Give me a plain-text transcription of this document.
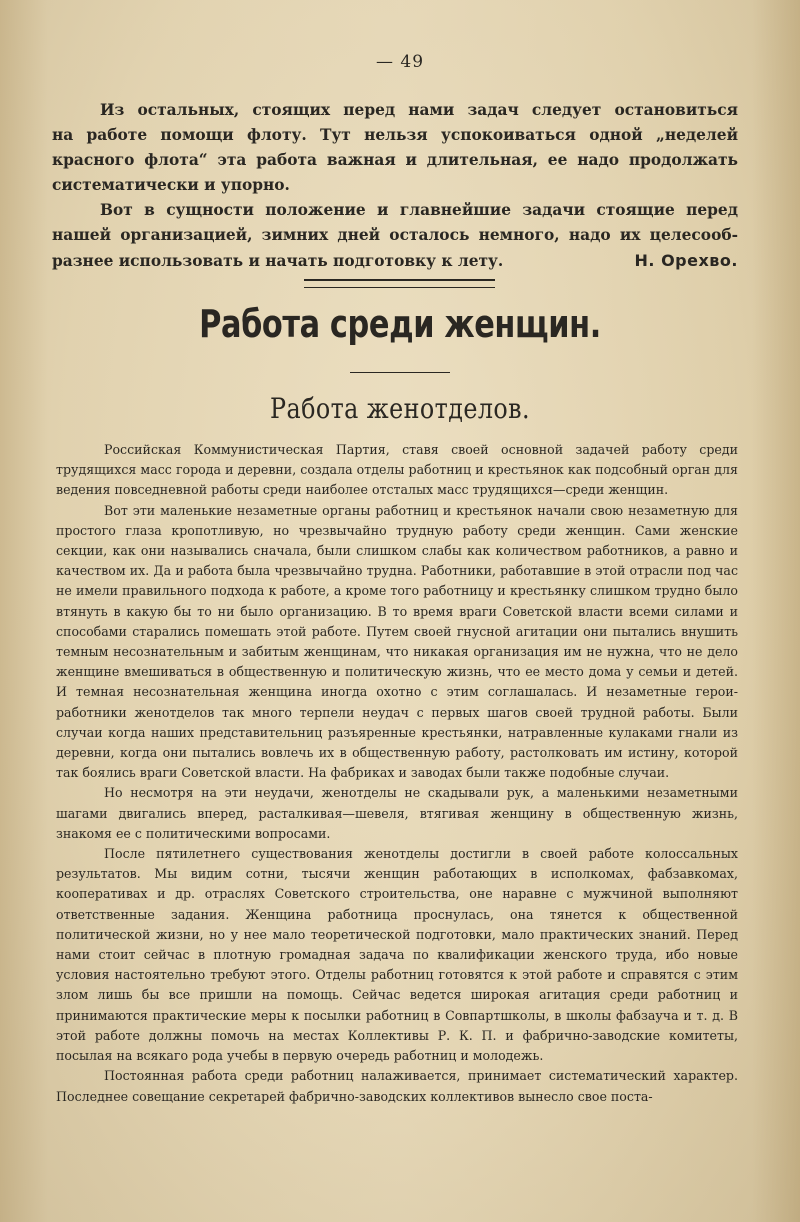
— 49

Из остальных, стоящих перед нами задач следует остановиться

на работе помощи флоту. Тут нельзя успокоиваться одной „неделей

красного флота“ эта работа важная и длительная, ее надо продолжать

систематически и упорно.

Вот в сущности положение и главнейшие задачи стоящие перед

нашей организацией, зимних дней осталось немного, надо их целесооб-

разнее использовать и начать подготовку к лету.	Н. Орехво.
Работа среди женщин.
Работа женотделов.

Российская Коммунистическая Партия, ставя своей основной задачей работу среди трудящихся масс города и деревни, создала отделы работниц и крестьянок как подсобный орган для ведения повседневной работы среди наиболее отсталых масс трудящихся—среди женщин.

Вот эти маленькие незаметные органы работниц и крестьянок начали свою незаметную для простого глаза кропотливую, но чрезвычайно трудную работу среди женщин. Сами женские секции, как они назывались сначала, были слишком слабы как количеством работников, а равно и качеством их. Да и работа была чрезвычайно трудна. Работники, работавшие в этой отрасли под час не имели правильного подхода к работе, а кроме того работницу и крестьянку слишком трудно было втянуть в какую бы то ни было организацию. В то время враги Советской власти всеми силами и способами старались помешать этой работе. Путем своей гнусной агитации они пытались внушить темным несознательным и забитым женщинам, что никакая организация им не нужна, что не дело женщине вмешиваться в общественную и политическую жизнь, что ее место дома у семьи и детей. И темная несознательная женщина иногда охотно с этим соглашалась. И незаметные герои-работники женотделов так много терпели неудач с первых шагов своей трудной работы. Были случаи когда наших представительниц разъяренные крестьянки, натравленные кулаками гнали из деревни, когда они пытались вовлечь их в общественную работу, растолковать им истину, которой так боялись враги Советской власти. На фабриках и заводах были также подобные случаи.

Но несмотря на эти неудачи, женотделы не скадывали рук, а маленькими незаметными шагами двигались вперед, расталкивая—шевеля, втягивая женщину в общественную жизнь, знакомя ее с политическими вопросами.

После пятилетнего существования женотделы достигли в своей работе колоссальных результатов. Мы видим сотни, тысячи женщин работающих в исполкомах, фабзавкомах, кооперативах и др. отраслях Советского строительства, оне наравне с мужчиной выполняют ответственные задания. Женщина работница проснулась, она тянется к общественной политической жизни, но у нее мало теоретической подготовки, мало практических знаний. Перед нами стоит сейчас в плотную громадная задача по квалификации женского труда, ибо новые условия настоятельно требуют этого. Отделы работниц готовятся к этой работе и справятся с этим злом лишь бы все пришли на помощь. Сейчас ведется широкая агитация среди работниц и принимаются практические меры к посылки работниц в Совпартшколы, в школы фабзауча и т. д. В этой работе должны помочь на местах Коллективы Р. К. П. и фабрично-заводские комитеты, посылая на всякаго рода учебы в первую очередь работниц и молодежь.

Постоянная работа среди работниц налаживается, принимает систематический характер. Последнее совещание секретарей фабрично-заводских коллективов вынесло свое поста-
